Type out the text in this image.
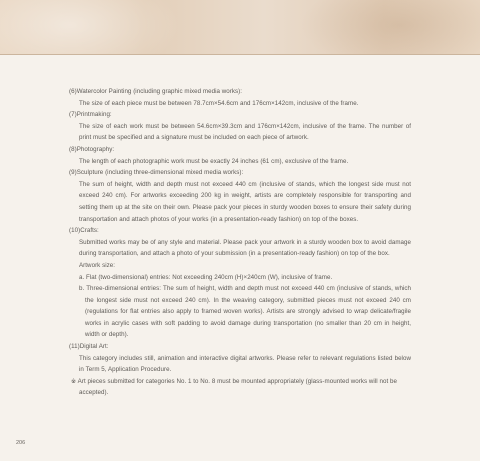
(6)Watercolor Painting (including graphic mixed media works):

The size of each piece must be between 78.7cm×54.6cm and 176cm×142cm, inclusive of the frame.

(7)Printmaking:

The size of each work must be between 54.6cm×39.3cm and 176cm×142cm, inclusive of the frame. The number of print must be specified and a signature must be included on each piece of artwork.

(8)Photography:

The length of each photographic work must be exactly 24 inches (61 cm), exclusive of the frame.

(9)Sculpture (including three-dimensional mixed media works):

The sum of height, width and depth must not exceed 440 cm (inclusive of stands, which the longest side must not exceed 240 cm). For artworks exceeding 200 kg in weight, artists are completely responsible for transporting and setting them up at the site on their own. Please pack your pieces in sturdy wooden boxes to ensure their safety during transportation and attach photos of your works (in a presentation-ready fashion) on top of the boxes.

(10)Crafts:

Submitted works may be of any style and material. Please pack your artwork in a sturdy wooden box to avoid damage during transportation, and attach a photo of your submission (in a presentation-ready fashion) on top of the box.

Artwork size:

a. Flat (two-dimensional) entries: Not exceeding 240cm (H)×240cm (W), inclusive of frame.

b. Three-dimensional entries: The sum of height, width and depth must not exceed 440 cm (inclusive of stands, which the longest side must not exceed 240 cm). In the weaving category, submitted pieces must not exceed 240 cm (regulations for flat entries also apply to framed woven works). Artists are strongly advised to wrap delicate/fragile works in acrylic cases with soft padding to avoid damage during transportation (no smaller than 20 cm in height, width or depth).

(11)Digital Art:

This category includes still, animation and interactive digital artworks. Please refer to relevant regulations listed below in Term 5, Application Procedure.

※ Art pieces submitted for categories No. 1 to No. 8 must be mounted appropriately (glass-mounted works will not be accepted).

206
